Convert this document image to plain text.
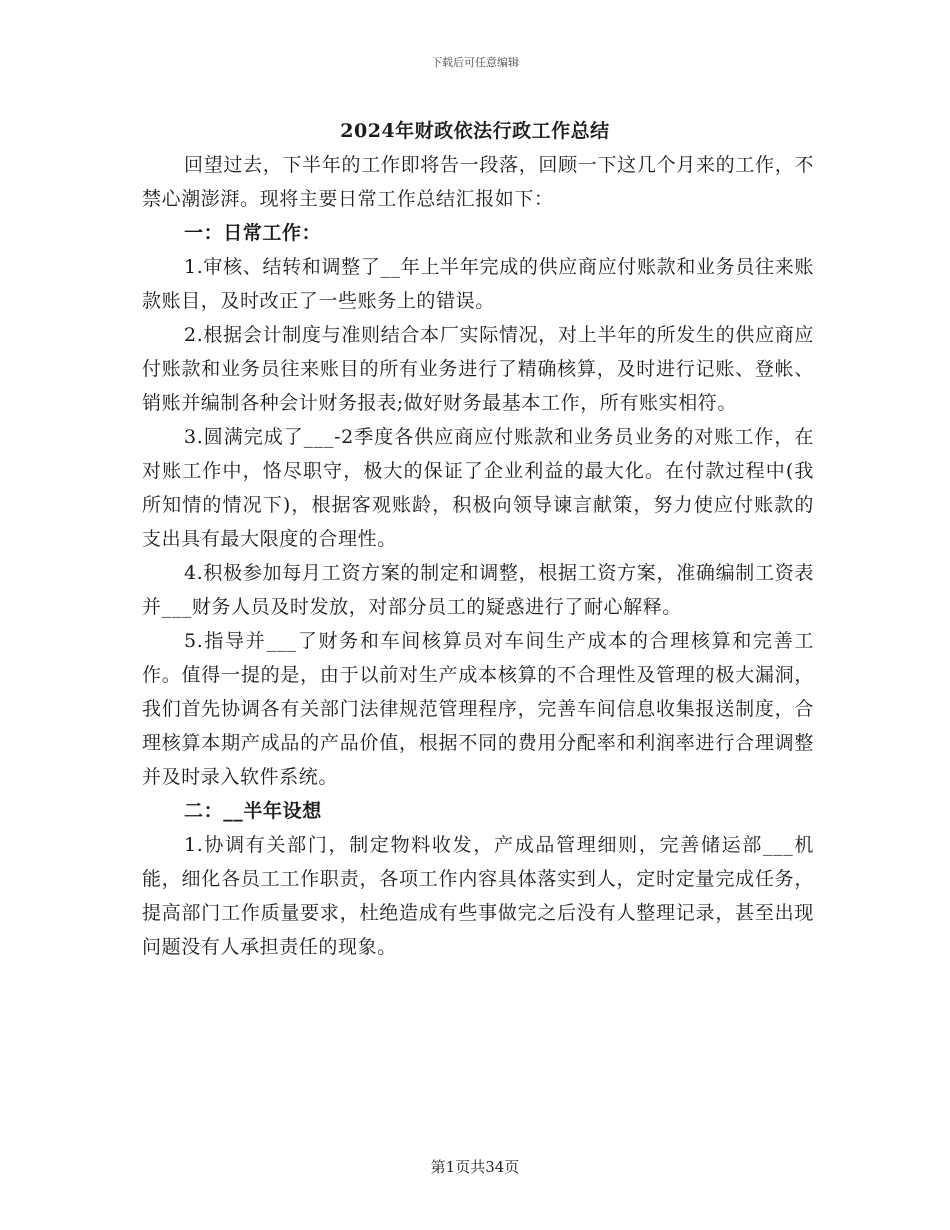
下载后可任意编辑
2024年财政依法行政工作总结

回望过去，下半年的工作即将告一段落，回顾一下这几个月来的工作，不禁心潮澎湃。现将主要日常工作总结汇报如下：

一：日常工作：

1.审核、结转和调整了__年上半年完成的供应商应付账款和业务员往来账款账目，及时改正了一些账务上的错误。

2.根据会计制度与准则结合本厂实际情况，对上半年的所发生的供应商应付账款和业务员往来账目的所有业务进行了精确核算，及时进行记账、登帐、销账并编制各种会计财务报表;做好财务最基本工作，所有账实相符。

3.圆满完成了___-2季度各供应商应付账款和业务员业务的对账工作，在对账工作中，恪尽职守，极大的保证了企业利益的最大化。在付款过程中(我所知情的情况下)，根据客观账龄，积极向领导谏言献策，努力使应付账款的支出具有最大限度的合理性。

4.积极参加每月工资方案的制定和调整，根据工资方案，准确编制工资表并___财务人员及时发放，对部分员工的疑惑进行了耐心解释。

5.指导并___了财务和车间核算员对车间生产成本的合理核算和完善工作。值得一提的是，由于以前对生产成本核算的不合理性及管理的极大漏洞，我们首先协调各有关部门法律规范管理程序，完善车间信息收集报送制度，合理核算本期产成品的产品价值，根据不同的费用分配率和利润率进行合理调整并及时录入软件系统。

二：__半年设想

1.协调有关部门，制定物料收发，产成品管理细则，完善储运部___机能，细化各员工工作职责，各项工作内容具体落实到人，定时定量完成任务，提高部门工作质量要求，杜绝造成有些事做完之后没有人整理记录，甚至出现问题没有人承担责任的现象。

第1页共34页
